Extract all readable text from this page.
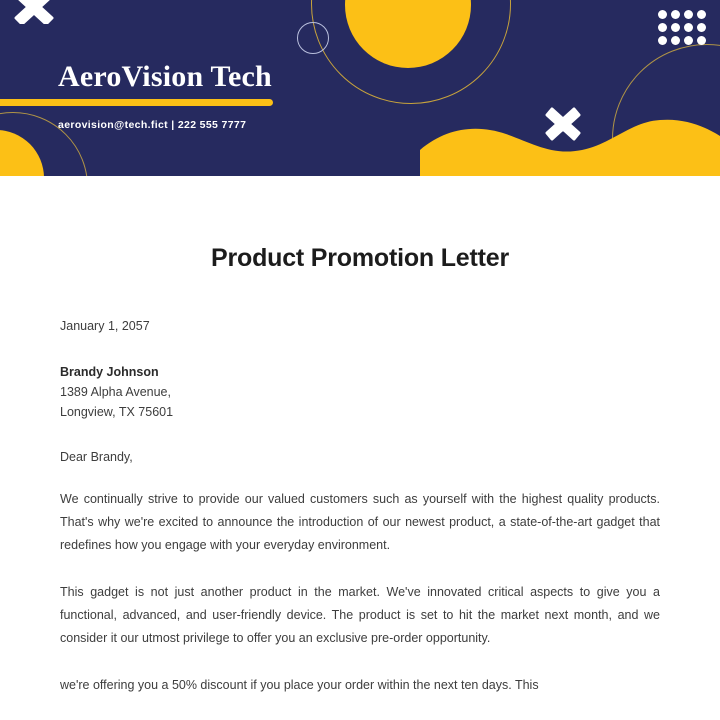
AeroVision Tech

aerovision@tech.fict | 222 555 7777

Product Promotion Letter

January 1, 2057

Brandy Johnson
1389 Alpha Avenue,
Longview, TX 75601

Dear Brandy,

We continually strive to provide our valued customers such as yourself with the highest quality products. That's why we're excited to announce the introduction of our newest product, a state-of-the-art gadget that redefines how you engage with your everyday environment.

This gadget is not just another product in the market. We've innovated critical aspects to give you a functional, advanced, and user-friendly device. The product is set to hit the market next month, and we consider it our utmost privilege to offer you an exclusive pre-order opportunity.

we're offering you a 50% discount if you place your order within the next ten days. This
